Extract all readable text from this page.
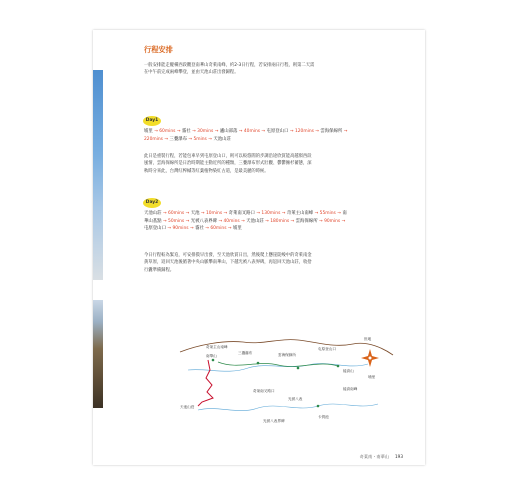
行程安排
一般安排能走縱橫西段觀登南華山奇萊南峰，約2-3日行程，若安排兩日行程，則第二天需
在中午前完成兩峰攀登，並由天池山莊出發歸程。
Day1
埔里 → 60mins → 霧社 → 30mins → 廬山部落 → 40mins → 屯原登山口 → 120mins → 雲海保線所 →
220mins → 三疊瀑布 → 5mins → 天池山莊
此日是重裝行程，若能包車早到屯原登山口，則可以較悠閒的步調沿途欣賞能高越嶺西段
風情，雲海保線所是日治時期能主動近所的種類，三疊瀑布形式壯觀、鬱鬱擁杉蓄態，深
秋時分來此，台灣紅榨槭等紅葉植物染紅古道，是最美麗的時候。
Day2
天池山莊 → 60mins → 天池 → 10mins → 奇萊南叉路口 → 130mins → 奇萊主山南峰 → 55mins → 南
華山基點 → 50mins → 光被八表界碑 → 40mins → 天池山莊 → 180mins → 雲海保線所 → 90mins →
屯原登山口 → 90mins → 霧社 → 60mins → 埔里
今日行程較為緊迫，可安排摸早出發，至天池欣賞日出，然後爬上懸崖陡峻中的奇萊南金
黃草原，返回天池後循著中央山脈攀南華山，下越光被八表界碑，再返回天池山莊，收拾
行囊準備歸程。
奇萊主山南峰
南華山
天池山莊
三疊瀑布	雲海保線所
屯原登山口
能高山
能高南峰
光被八表
卡賀池
奇萊南叉路口
世地
埔里
光被八表界碑
奇萊南・南華山 193
